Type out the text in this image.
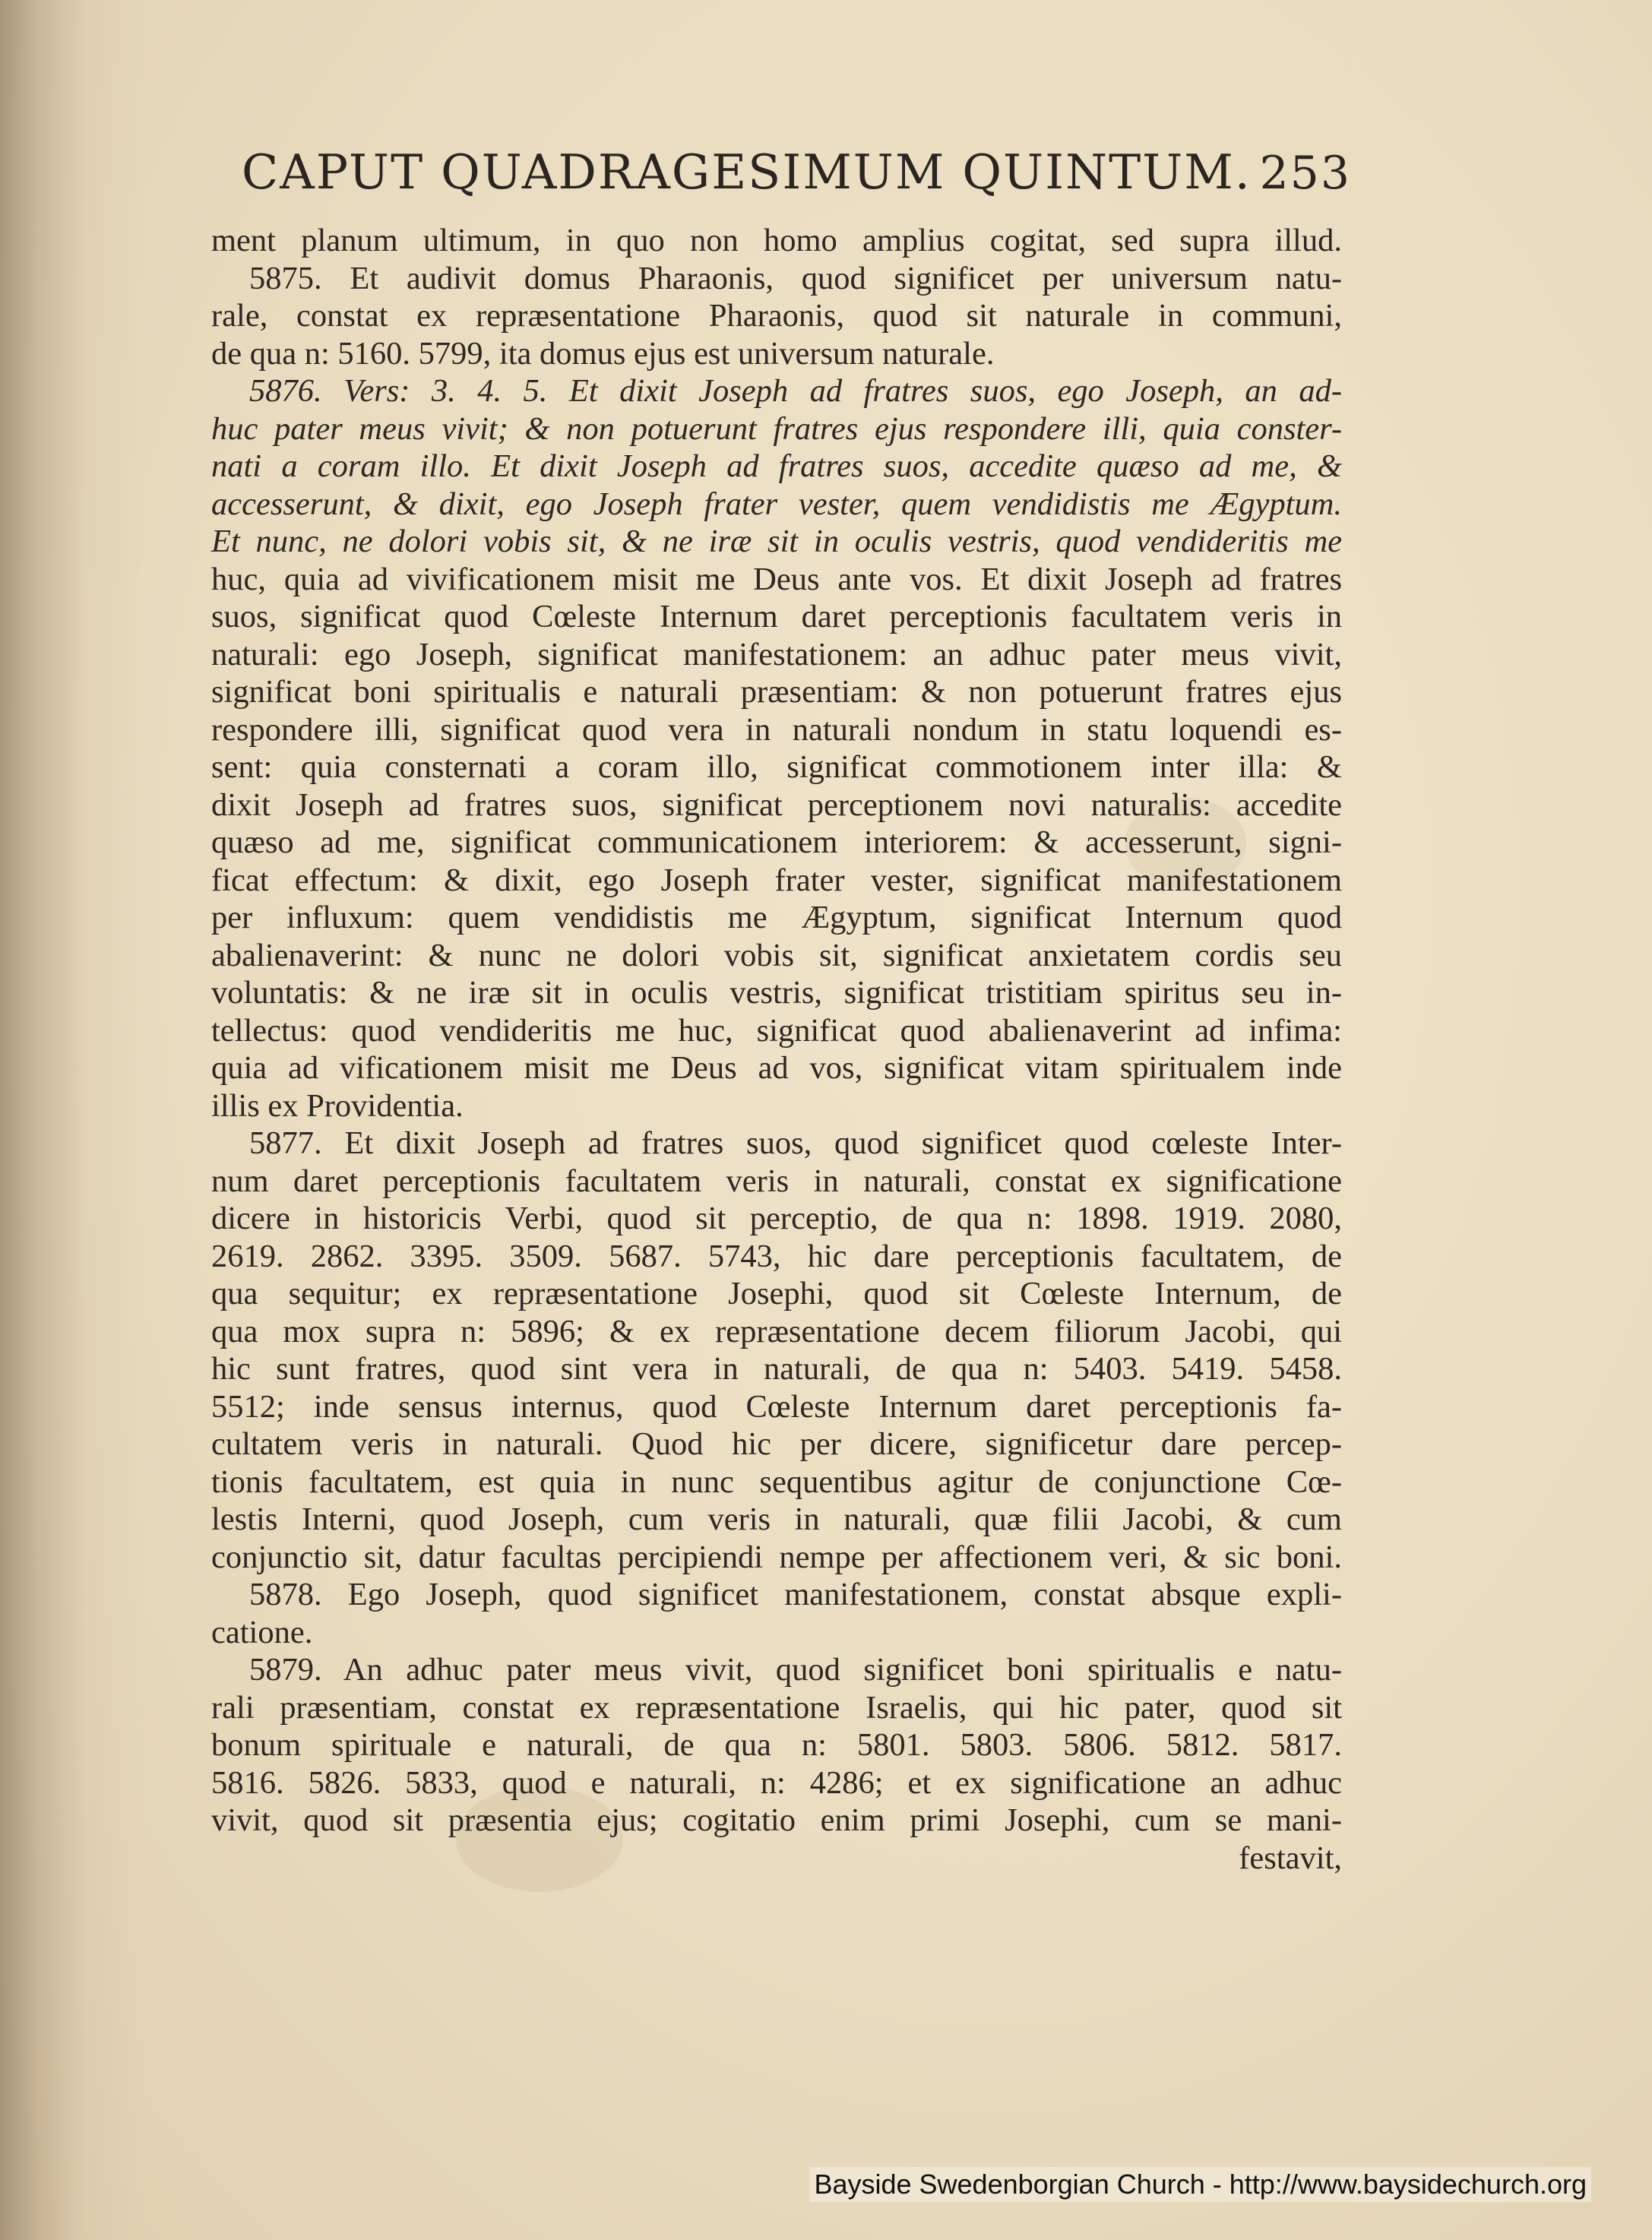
CAPUT QUADRAGESIMUM QUINTUM. 253
ment planum ultimum, in quo non homo amplius cogitat, sed supra illud.
5875. Et audivit domus Pharaonis, quod significet per universum natu-
rale, constat ex repræsentatione Pharaonis, quod sit naturale in communi,
de qua n: 5160. 5799, ita domus ejus est universum naturale.
5876. Vers: 3. 4. 5. Et dixit Joseph ad fratres suos, ego Joseph, an ad-
huc pater meus vivit; & non potuerunt fratres ejus respondere illi, quia conster-
nati a coram illo. Et dixit Joseph ad fratres suos, accedite quæso ad me, &
accesserunt, & dixit, ego Joseph frater vester, quem vendidistis me Ægyptum.
Et nunc, ne dolori vobis sit, & ne iræ sit in oculis vestris, quod vendideritis me
huc, quia ad vivificationem misit me Deus ante vos. Et dixit Joseph ad fratres
suos, significat quod Cœleste Internum daret perceptionis facultatem veris in
naturali: ego Joseph, significat manifestationem: an adhuc pater meus vivit,
significat boni spiritualis e naturali præsentiam: & non potuerunt fratres ejus
respondere illi, significat quod vera in naturali nondum in statu loquendi es-
sent: quia consternati a coram illo, significat commotionem inter illa: &
dixit Joseph ad fratres suos, significat perceptionem novi naturalis: accedite
quæso ad me, significat communicationem interiorem: & accesserunt, signi-
ficat effectum: & dixit, ego Joseph frater vester, significat manifestationem
per influxum: quem vendidistis me Ægyptum, significat Internum quod
abalienaverint: & nunc ne dolori vobis sit, significat anxietatem cordis seu
voluntatis: & ne iræ sit in oculis vestris, significat tristitiam spiritus seu in-
tellectus: quod vendideritis me huc, significat quod abalienaverint ad infima:
quia ad vificationem misit me Deus ad vos, significat vitam spiritualem inde
illis ex Providentia.
5877. Et dixit Joseph ad fratres suos, quod significet quod cœleste Inter-
num daret perceptionis facultatem veris in naturali, constat ex significatione
dicere in historicis Verbi, quod sit perceptio, de qua n: 1898. 1919. 2080,
2619. 2862. 3395. 3509. 5687. 5743, hic dare perceptionis facultatem, de
qua sequitur; ex repræsentatione Josephi, quod sit Cœleste Internum, de
qua mox supra n: 5896; & ex repræsentatione decem filiorum Jacobi, qui
hic sunt fratres, quod sint vera in naturali, de qua n: 5403. 5419. 5458.
5512; inde sensus internus, quod Cœleste Internum daret perceptionis fa-
cultatem veris in naturali. Quod hic per dicere, significetur dare percep-
tionis facultatem, est quia in nunc sequentibus agitur de conjunctione Cœ-
lestis Interni, quod Joseph, cum veris in naturali, quæ filii Jacobi, & cum
conjunctio sit, datur facultas percipiendi nempe per affectionem veri, & sic boni.
5878. Ego Joseph, quod significet manifestationem, constat absque expli-
catione.
5879. An adhuc pater meus vivit, quod significet boni spiritualis e natu-
rali præsentiam, constat ex repræsentatione Israelis, qui hic pater, quod sit
bonum spirituale e naturali, de qua n: 5801. 5803. 5806. 5812. 5817.
5816. 5826. 5833, quod e naturali, n: 4286; et ex significatione an adhuc
vivit, quod sit præsentia ejus; cogitatio enim primi Josephi, cum se mani-
festavit,
Bayside Swedenborgian Church - http://www.baysidechurch.org
